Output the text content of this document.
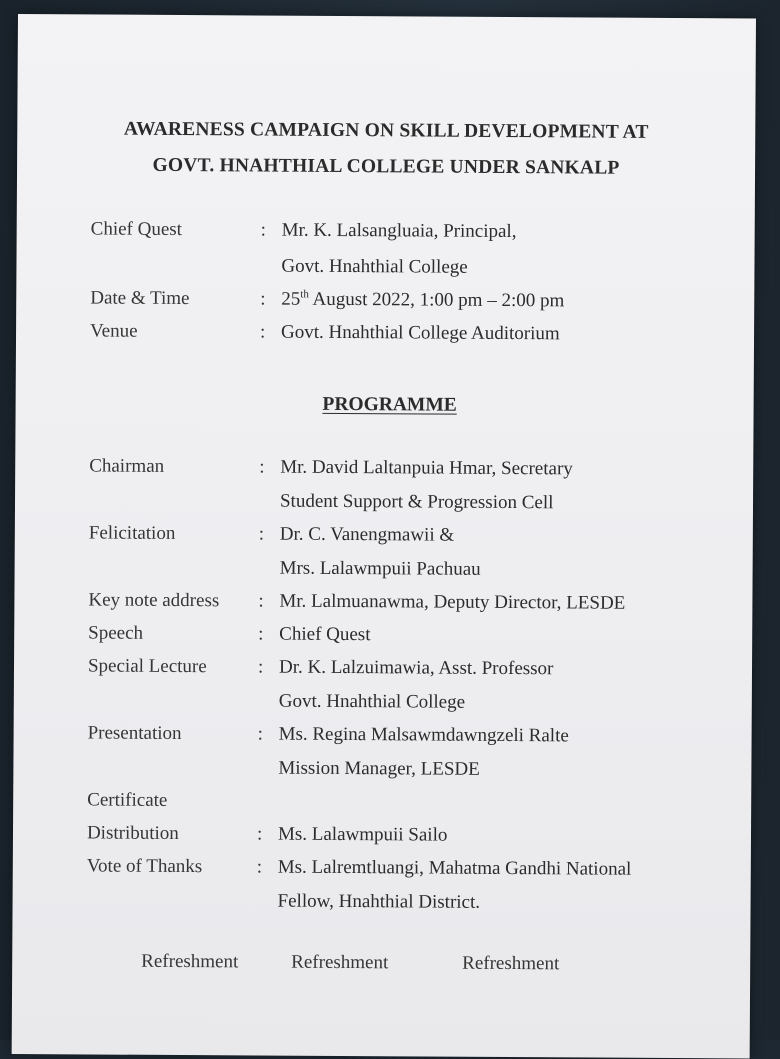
AWARENESS CAMPAIGN ON SKILL DEVELOPMENT AT
GOVT. HNAHTHIAL COLLEGE UNDER SANKALP
Chief Quest	: Mr. K. Lalsangluaia, Principal,
Govt. Hnahthial College
Date & Time	: 25th August 2022, 1:00 pm – 2:00 pm
Venue	: Govt. Hnahthial College Auditorium
PROGRAMME
Chairman	: Mr. David Laltanpuia Hmar, Secretary
Student Support & Progression Cell
Felicitation	: Dr. C. Vanengmawii &
Mrs. Lalawmpuii Pachuau
Key note address : Mr. Lalmuanawma, Deputy Director, LESDE
Speech	: Chief Quest
Special Lecture	: Dr. K. Lalzuimawia, Asst. Professor
Govt. Hnahthial College
Presentation	: Ms. Regina Malsawmdawngzeli Ralte
Mission Manager, LESDE
Certificate
Distribution	: Ms. Lalawmpuii Sailo
Vote of Thanks	: Ms. Lalremtluangi, Mahatma Gandhi National
Fellow, Hnahthial District.
Refreshment	Refreshment	Refreshment
